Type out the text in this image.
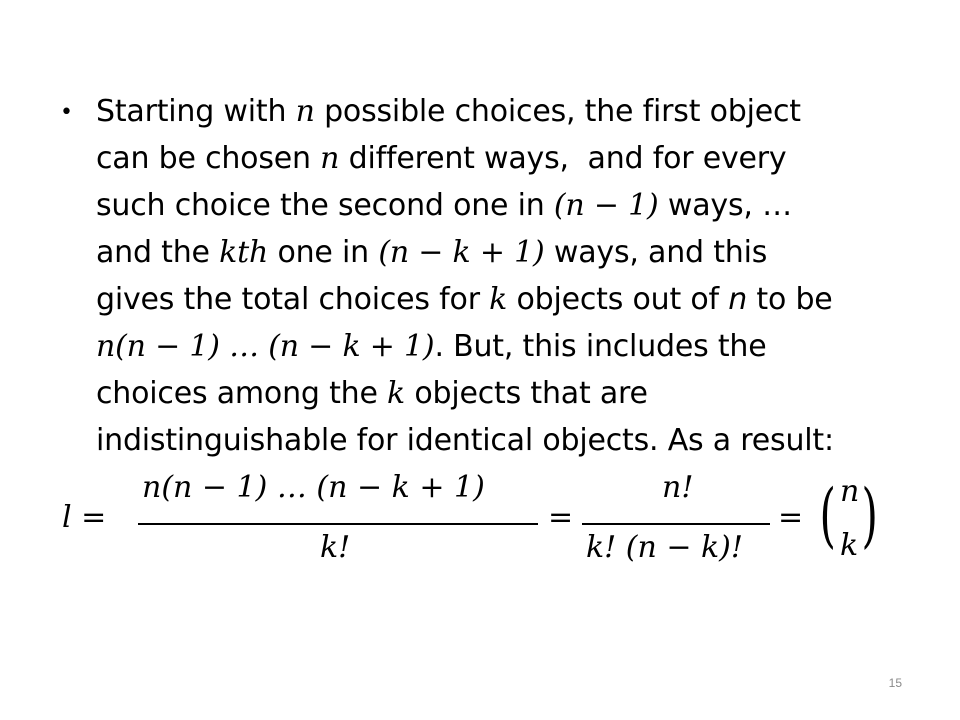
• Starting with n possible choices, the first object
can be chosen n different ways,  and for every
such choice the second one in (n − 1) ways, …
and the kth one in (n − k + 1) ways, and this
gives the total choices for k objects out of n to be
n(n − 1) … (n − k + 1). But, this includes the
choices among the k objects that are
indistinguishable for identical objects. As a result:
l =
n(n − 1) … (n − k + 1)
k!
=
n!
k! (n − k)!
= ( n
k )
15
